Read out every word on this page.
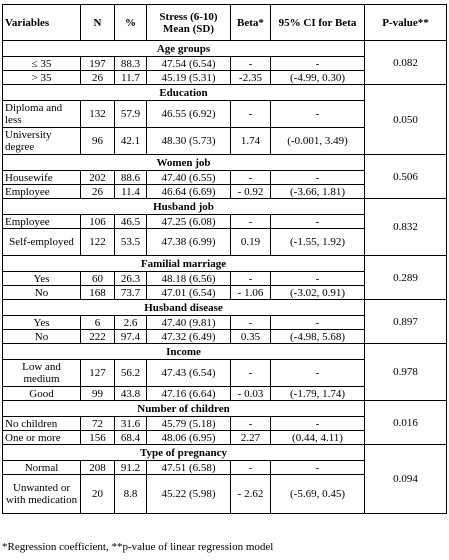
Variables	N	%	Stress (6-10) Mean (SD)	Beta*	95% CI for Beta	P-value**
Age groups						0.082
≤ 35	197	88.3	47.54 (6.54)	-	-	
> 35	26	11.7	45.19 (5.31)	-2.35	(-4.99, 0.30)	
Education						0.050
Diploma and less	132	57.9	46.55 (6.92)	-	-	
University degree	96	42.1	48.30 (5.73)	1.74	(-0.001, 3.49)	
Women job						0.506
Housewife	202	88.6	47.40 (6.55)	-	-	
Employee	26	11.4	46.64 (6.69)	- 0.92	(-3.66, 1.81)	
Husband job						0.832
Employee	106	46.5	47.25 (6.08)	-	-	
Self-employed	122	53.5	47.38 (6.99)	0.19	(-1.55, 1.92)	
Familial marriage						0.289
Yes	60	26.3	48.18 (6.56)	-	-	
No	168	73.7	47.01 (6.54)	- 1.06	(-3.02, 0.91)	
Husband disease						0.897
Yes	6	2.6	47.40 (9.81)	-	-	
No	222	97.4	47.32 (6.49)	0.35	(-4.98, 5.68)	
Income						0.978
Low and medium	127	56.2	47.43 (6.54)	-	-	
Good	99	43.8	47.16 (6.64)	- 0.03	(-1.79, 1.74)	
Number of children						0.016
No children	72	31.6	45.79 (5.18)	-	-	
One or more	156	68.4	48.06 (6.95)	2.27	(0.44, 4.11)	
Type of pregnancy						0.094
Normal	208	91.2	47.51 (6.58)	-	-	
Unwanted or with medication	20	8.8	45.22 (5.98)	- 2.62	(-5.69, 0.45)	
*Regression coefficient, **p-value of linear regression model
